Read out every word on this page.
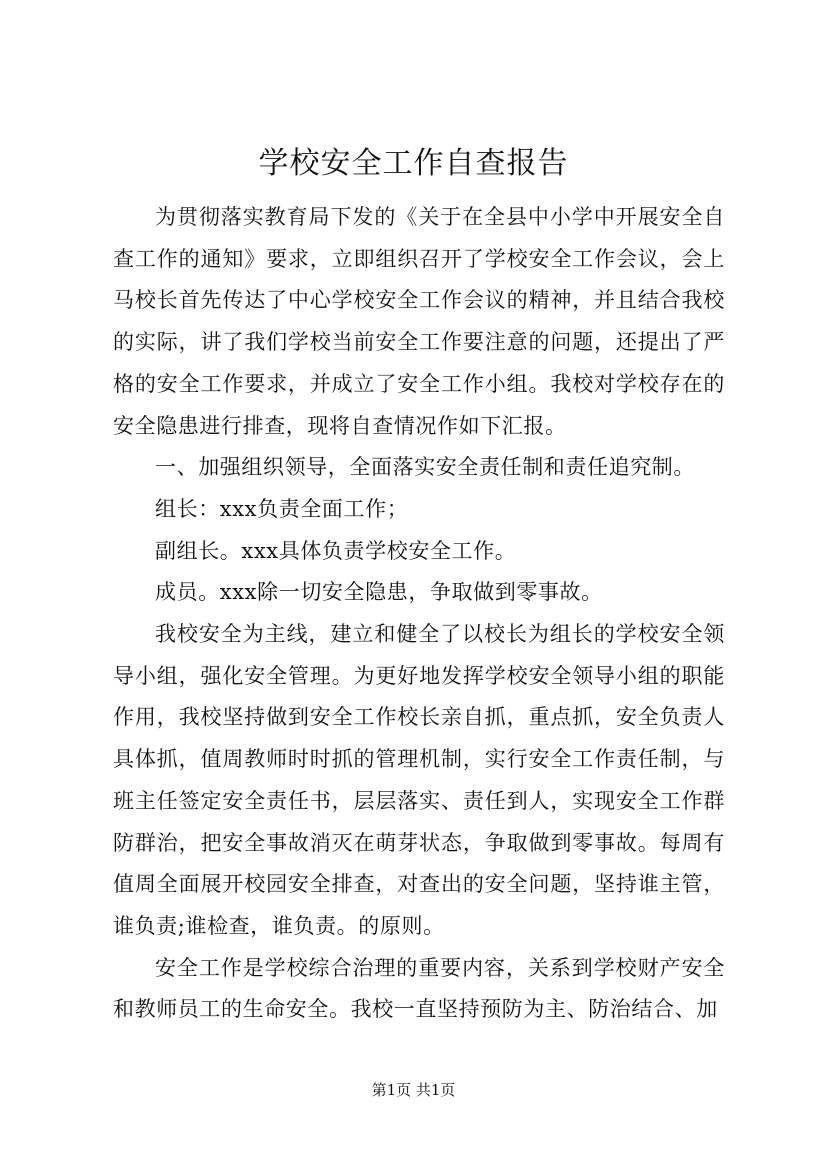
学校安全工作自查报告

为贯彻落实教育局下发的《关于在全县中小学中开展安全自查工作的通知》要求，立即组织召开了学校安全工作会议，会上马校长首先传达了中心学校安全工作会议的精神，并且结合我校的实际，讲了我们学校当前安全工作要注意的问题，还提出了严格的安全工作要求，并成立了安全工作小组。我校对学校存在的安全隐患进行排查，现将自查情况作如下汇报。

一、加强组织领导，全面落实安全责任制和责任追究制。

组长：xxx负责全面工作；

副组长。xxx具体负责学校安全工作。

成员。xxx除一切安全隐患，争取做到零事故。

我校安全为主线，建立和健全了以校长为组长的学校安全领导小组，强化安全管理。为更好地发挥学校安全领导小组的职能作用，我校坚持做到安全工作校长亲自抓，重点抓，安全负责人具体抓，值周教师时时抓的管理机制，实行安全工作责任制，与班主任签定安全责任书，层层落实、责任到人，实现安全工作群防群治，把安全事故消灭在萌芽状态，争取做到零事故。每周有值周全面展开校园安全排查，对查出的安全问题，坚持谁主管，谁负责;谁检查，谁负责。的原则。

安全工作是学校综合治理的重要内容，关系到学校财产安全和教师员工的生命安全。我校一直坚持预防为主、防治结合、加

第1页 共1页
